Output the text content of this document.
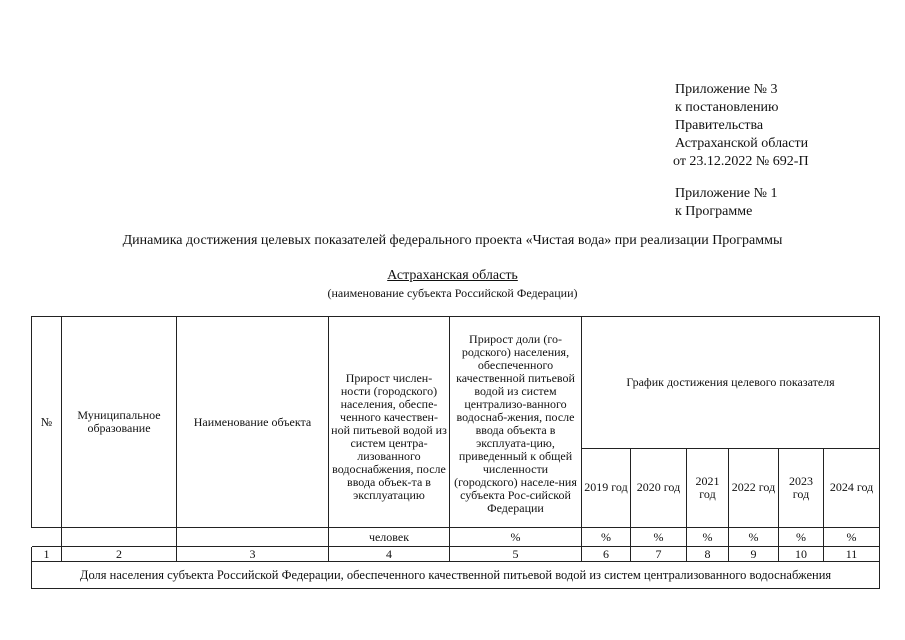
Приложение № 3
к постановлению
Правительства
Астраханской области
от 23.12.2022 № 692-П
Приложение № 1
к Программе
Динамика достижения целевых показателей федерального проекта «Чистая вода» при реализации Программы
Астраханская область
(наименование субъекта Российской Федерации)
№	Муниципальное образование	Наименование объекта	Прирост числен-ности (городского) населения, обеспе-ченного качествен-ной питьевой водой из систем центра-лизованного водоснабжения, после ввода объек-та в эксплуатацию	Прирост доли (го-родского) населения, обеспеченного качественной питьевой водой из систем централизо-ванного водоснаб-жения, после ввода объекта в эксплуата-цию, приведенный к общей численности (городского) населе-ния субъекта Рос-сийской Федерации	График достижения целевого показателя					
					2019 год	2020 год	2021 год	2022 год	2023 год	2024 год
			человек	%	%	%	%	%	%	%
1	2	3	4	5	6	7	8	9	10	11
Доля населения субъекта Российской Федерации, обеспеченного качественной питьевой водой из систем централизованного водоснабжения										
